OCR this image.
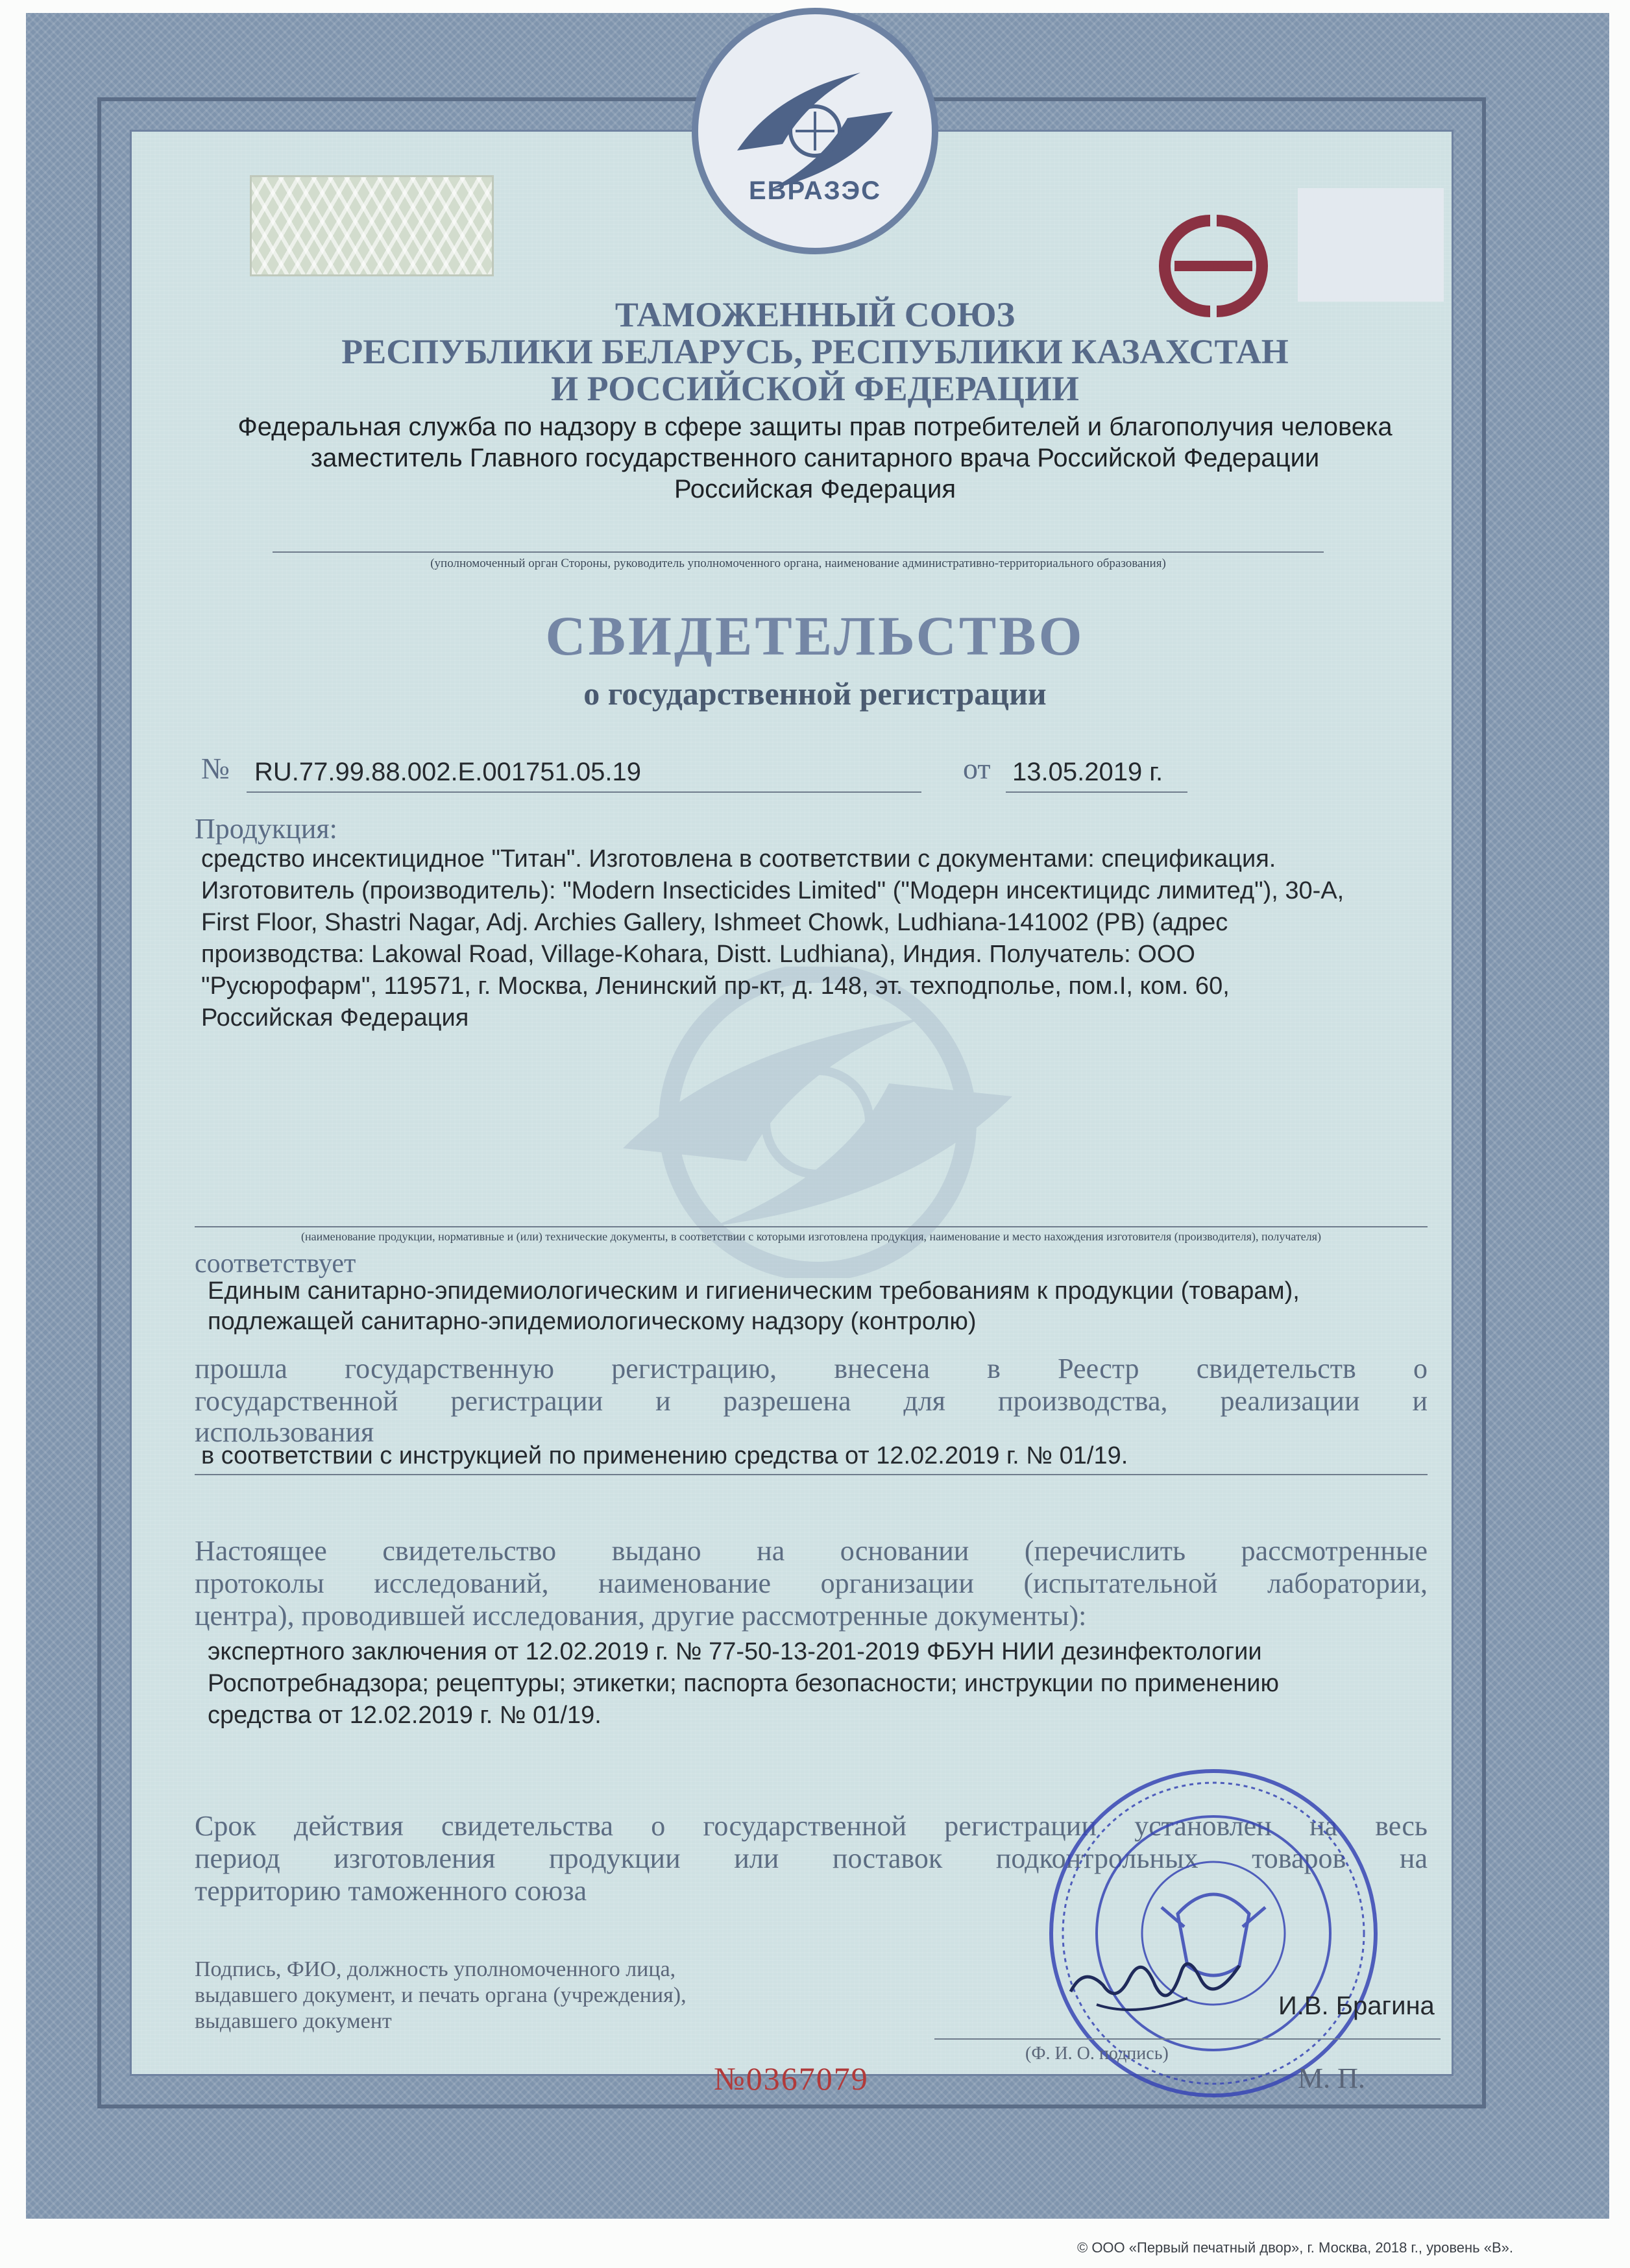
ЕВРАЗЭС
ТАМОЖЕННЫЙ СОЮЗ
РЕСПУБЛИКИ БЕЛАРУСЬ, РЕСПУБЛИКИ КАЗАХСТАН
И РОССИЙСКОЙ ФЕДЕРАЦИИ
Федеральная служба по надзору в сфере защиты прав потребителей и благополучия человека
заместитель Главного государственного санитарного врача Российской Федерации
Российская Федерация
(уполномоченный орган Стороны, руководитель уполномоченного органа, наименование административно-территориального образования)
СВИДЕТЕЛЬСТВО
о государственной регистрации
№ RU.77.99.88.002.E.001751.05.19	от 13.05.2019 г.
Продукция:
средство инсектицидное "Титан". Изготовлена в соответствии с документами: спецификация.
Изготовитель (производитель): "Modern Insecticides Limited" ("Модерн инсектицидс лимитед"), 30-А,
First Floor, Shastri Nagar, Adj. Archies Gallery, Ishmeet Chowk, Ludhiana-141002 (PB) (адрес
производства: Lakowal Road, Village-Kohara, Distt. Ludhiana), Индия. Получатель: ООО
"Русюрофарм", 119571, г. Москва, Ленинский пр-кт, д. 148, эт. техподполье, пом.I, ком. 60,
Российская Федерация
(наименование продукции, нормативные и (или) технические документы, в соответствии с которыми изготовлена продукция, наименование и место нахождения изготовителя (производителя), получателя)
соответствует
Единым санитарно-эпидемиологическим и гигиеническим требованиям к продукции (товарам),
подлежащей санитарно-эпидемиологическому надзору (контролю)
прошла государственную регистрацию, внесена в Реестр свидетельств о
государственной регистрации и разрешена для производства, реализации и
использования
в соответствии с инструкцией по применению средства от 12.02.2019 г. № 01/19.
Настоящее свидетельство выдано на основании (перечислить рассмотренные
протоколы исследований, наименование организации (испытательной лаборатории,
центра), проводившей исследования, другие рассмотренные документы):
экспертного заключения от 12.02.2019 г. № 77-50-13-201-2019 ФБУН НИИ дезинфектологии
Роспотребнадзора; рецептуры; этикетки; паспорта безопасности; инструкции по применению
средства от 12.02.2019 г. № 01/19.
Срок действия свидетельства о государственной регистрации установлен на весь
период изготовления продукции или поставок подконтрольных товаров на
территорию таможенного союза
Подпись, ФИО, должность уполномоченного лица,
выдавшего документ, и печать органа (учреждения),
выдавшего документ
И.В. Брагина
(Ф. И. О. подпись)
№0367079	М. П.
© ООО «Первый печатный двор», г. Москва, 2018 г., уровень «В».
